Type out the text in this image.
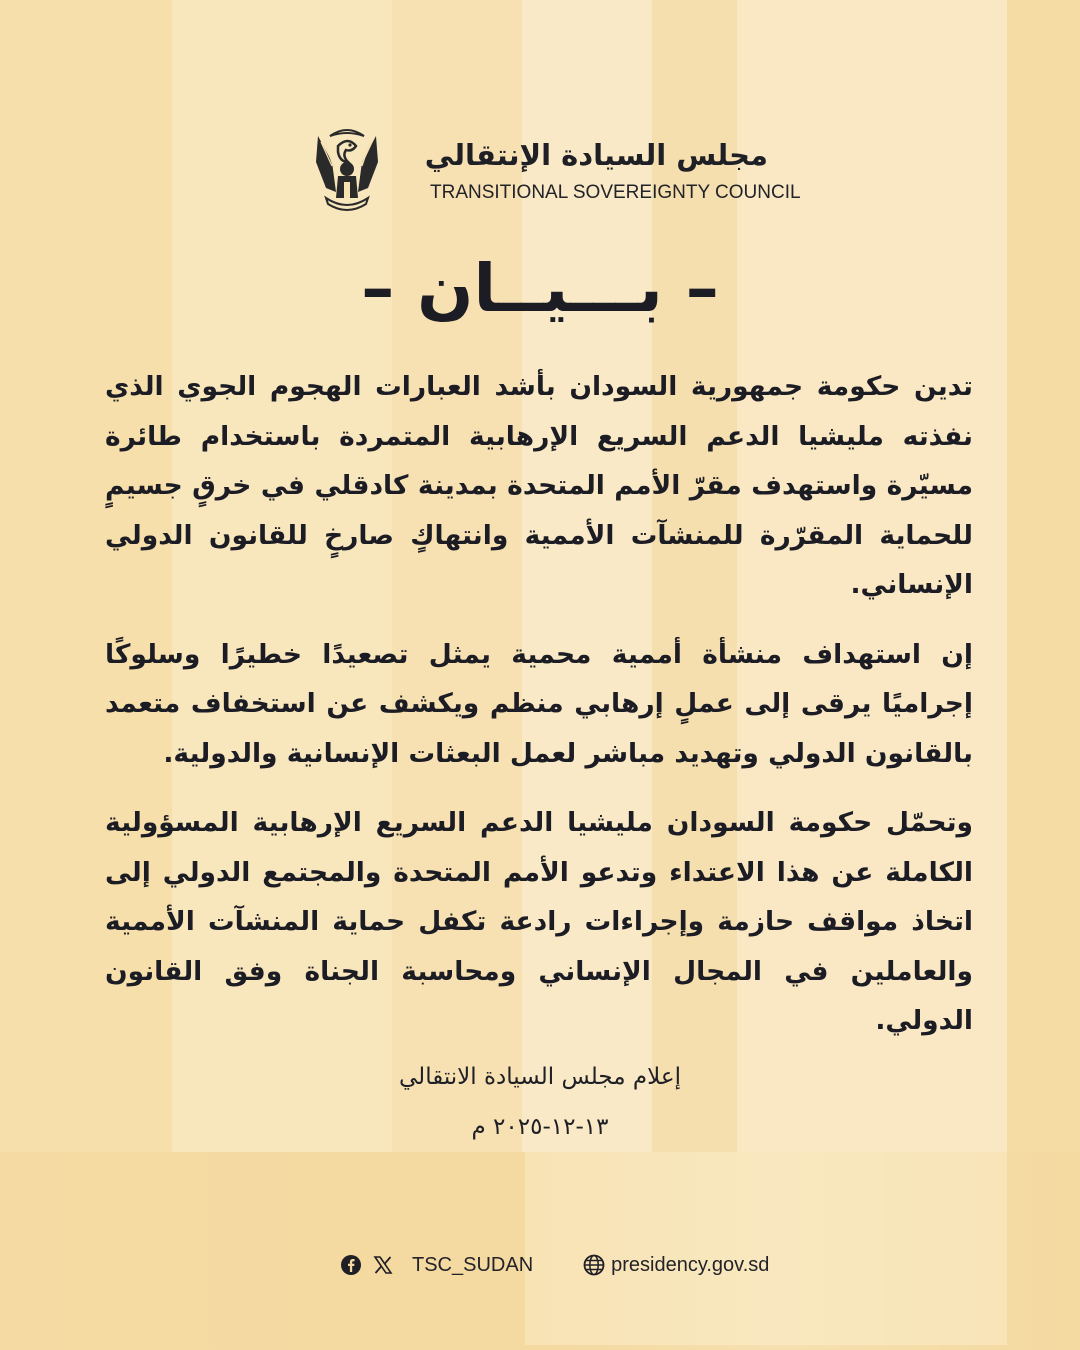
مجلس السيادة الإنتقالي
TRANSITIONAL SOVEREIGNTY COUNCIL
– بـــيــان –

تدين حكومة جمهورية السودان بأشد العبارات الهجوم الجوي الذي نفذته مليشيا الدعم السريع الإرهابية المتمردة باستخدام طائرة مسيّرة واستهدف مقرّ الأمم المتحدة بمدينة كادقلي في خرقٍ جسيمٍ للحماية المقرّرة للمنشآت الأممية وانتهاكٍ صارخٍ للقانون الدولي الإنساني.

إن استهداف منشأة أممية محمية يمثل تصعيدًا خطيرًا وسلوكًا إجراميًا يرقى إلى عملٍ إرهابي منظم ويكشف عن استخفاف متعمد بالقانون الدولي وتهديد مباشر لعمل البعثات الإنسانية والدولية.

وتحمّل حكومة السودان مليشيا الدعم السريع الإرهابية المسؤولية الكاملة عن هذا الاعتداء وتدعو الأمم المتحدة والمجتمع الدولي إلى اتخاذ مواقف حازمة وإجراءات رادعة تكفل حماية المنشآت الأممية والعاملين في المجال الإنساني ومحاسبة الجناة وفق القانون الدولي.

إعلام مجلس السيادة الانتقالي
١٣-١٢-٢٠٢٥ م
TSC_SUDAN	presidency.gov.sd
